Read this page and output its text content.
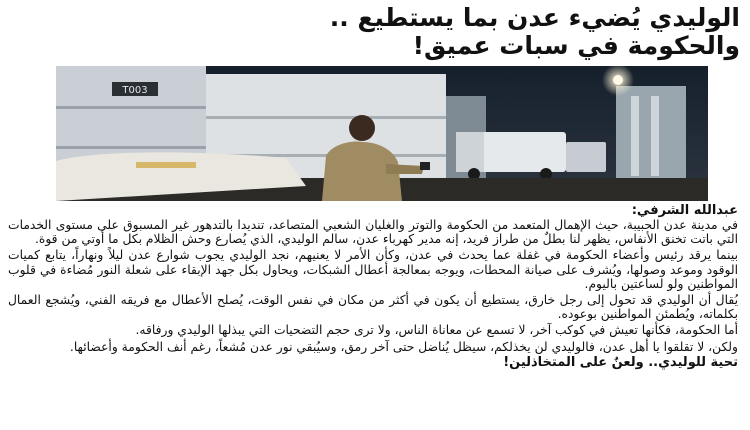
الوليدي يُضيء عدن بما يستطيع ..
والحكومة في سبات عميق!
T003
عبدالله الشرفي:

في مدينة عدن الحبيبة، حيث الإهمال المتعمد من الحكومة والتوتر والغليان الشعبي المتصاعد، تنديدا بالتدهور غير المسبوق على مستوى الخدمات التي باتت تخنق الأنفاس، يظهر لنا بطلٌ من طراز فريد، إنه مدير كهرباء عدن، سالم الوليدي، الذي يُصارع وحش الظلام بكل ما أوتي من قوة.

بينما يرقد رئيس وأعضاء الحكومة في غفلة عما يحدث في عدن، وكأن الأمر لا يعنيهم، نجد الوليدي يجوب شوارع عدن ليلاً ونهاراً، يتابع كميات الوقود وموعد وصولها، ويُشرف على صيانة المحطات، ويوجه بمعالجة أعطال الشبكات، ويحاول بكل جهد الإبقاء على شعلة النور مُضاءة في قلوب المواطنين ولو لساعتين باليوم.

يُقال أن الوليدي قد تحول إلى رجل خارق، يستطيع أن يكون في أكثر من مكان في نفس الوقت، يُصلح الأعطال مع فريقه الفني، ويُشجع العمال بكلماته، ويُطمئن المواطنين بوعوده.

أما الحكومة، فكأنها تعيش في كوكب آخر، لا تسمع عن معاناة الناس، ولا ترى حجم التضحيات التي يبذلها الوليدي ورفاقه.

ولكن، لا تقلقوا يا أهل عدن، فالوليدي لن يخذلكم، سيظل يُناضل حتى آخر رمق، وسيُبقي نور عدن مُشعاً، رغم أنف الحكومة وأعضائها.

تحية للوليدي.. ولعنٌ على المتخاذلين!
